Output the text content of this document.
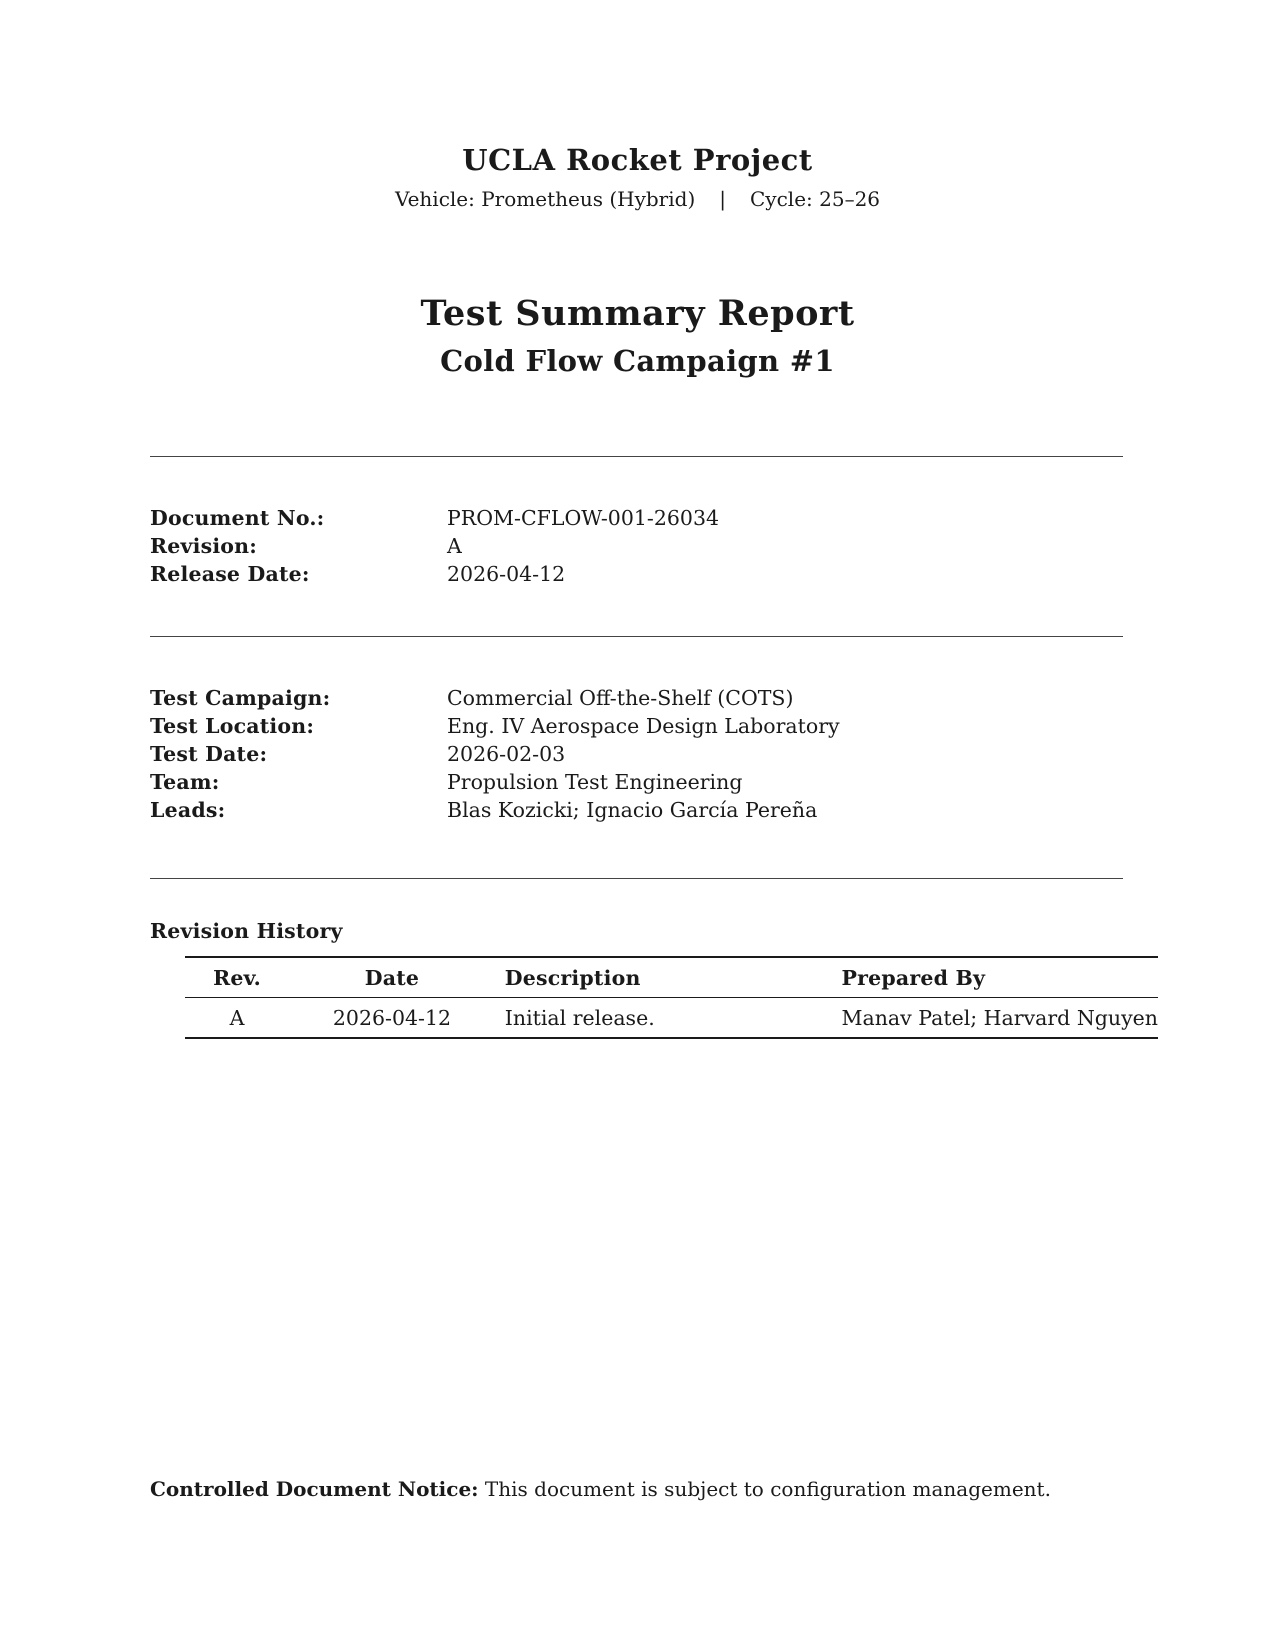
UCLA Rocket Project
Vehicle: Prometheus (Hybrid) | Cycle: 25–26
Test Summary Report
Cold Flow Campaign #1
Document No.:	PROM-CFLOW-001-26034
Revision:	A
Release Date:	2026-04-12
Test Campaign:	Commercial Off-the-Shelf (COTS)
Test Location:	Eng. IV Aerospace Design Laboratory
Test Date:	2026-02-03
Team:	Propulsion Test Engineering
Leads:	Blas Kozicki; Ignacio García Pereña
Revision History
Rev.	Date	Description	Prepared By
A	2026-04-12	Initial release.	Manav Patel; Harvard Nguyen
Controlled Document Notice: This document is subject to configuration management.
